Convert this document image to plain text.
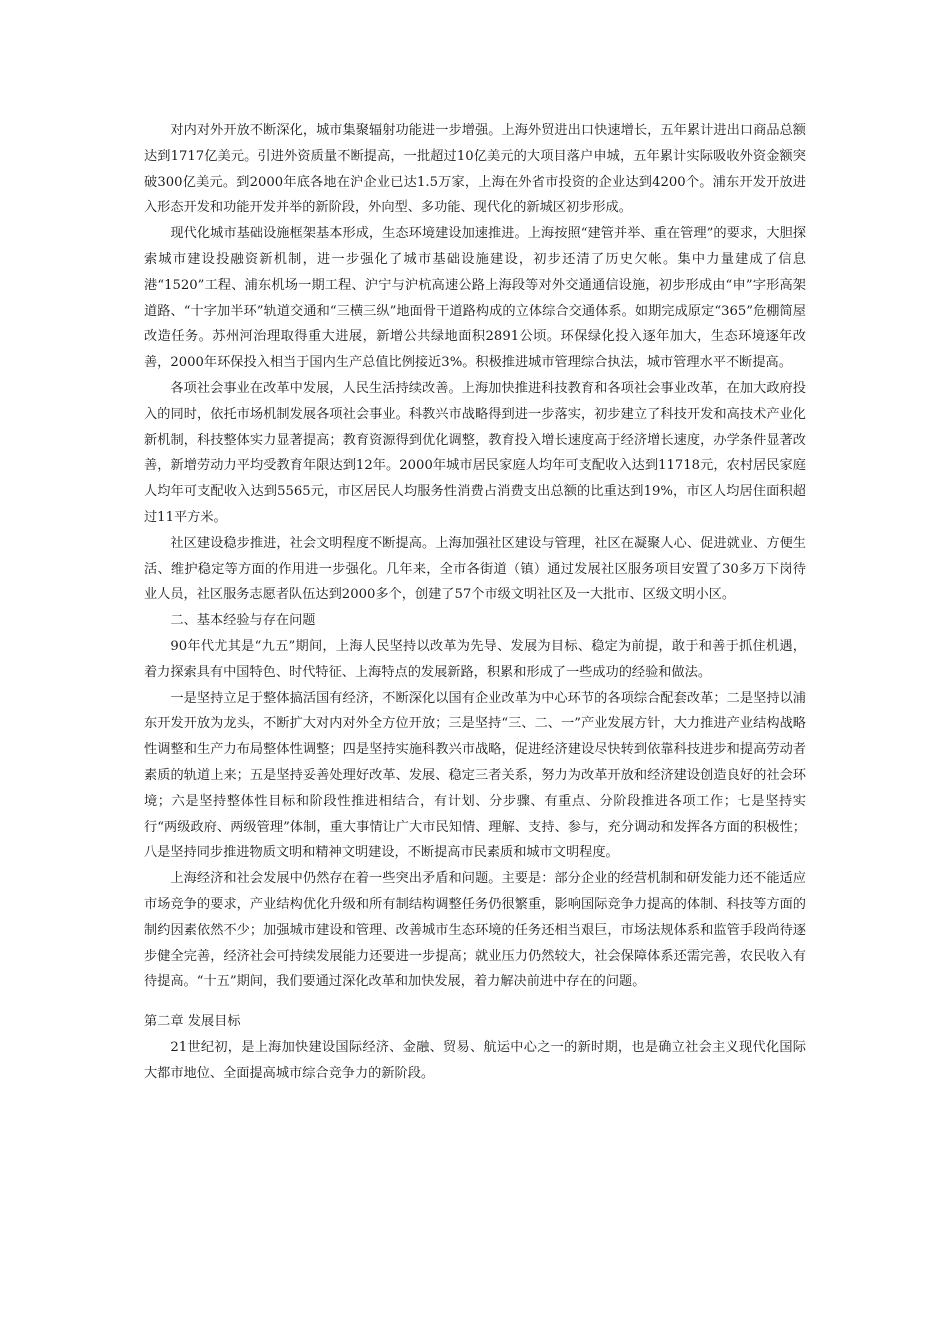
对内对外开放不断深化，城市集聚辐射功能进一步增强。上海外贸进出口快速增长，五年累计进出口商品总额达到1717亿美元。引进外资质量不断提高，一批超过10亿美元的大项目落户申城，五年累计实际吸收外资金额突破300亿美元。到2000年底各地在沪企业已达1.5万家，上海在外省市投资的企业达到4200个。浦东开发开放进入形态开发和功能开发并举的新阶段，外向型、多功能、现代化的新城区初步形成。

现代化城市基础设施框架基本形成，生态环境建设加速推进。上海按照“建管并举、重在管理”的要求，大胆探索城市建设投融资新机制，进一步强化了城市基础设施建设，初步还清了历史欠帐。集中力量建成了信息港“1520”工程、浦东机场一期工程、沪宁与沪杭高速公路上海段等对外交通通信设施，初步形成由“申”字形高架道路、“十字加半环”轨道交通和“三横三纵”地面骨干道路构成的立体综合交通体系。如期完成原定“365”危棚简屋改造任务。苏州河治理取得重大进展，新增公共绿地面积2891公顷。环保绿化投入逐年加大，生态环境逐年改善，2000年环保投入相当于国内生产总值比例接近3%。积极推进城市管理综合执法，城市管理水平不断提高。

各项社会事业在改革中发展，人民生活持续改善。上海加快推进科技教育和各项社会事业改革，在加大政府投入的同时，依托市场机制发展各项社会事业。科教兴市战略得到进一步落实，初步建立了科技开发和高技术产业化新机制，科技整体实力显著提高；教育资源得到优化调整，教育投入增长速度高于经济增长速度，办学条件显著改善，新增劳动力平均受教育年限达到12年。2000年城市居民家庭人均年可支配收入达到11718元，农村居民家庭人均年可支配收入达到5565元，市区居民人均服务性消费占消费支出总额的比重达到19%，市区人均居住面积超过11平方米。

社区建设稳步推进，社会文明程度不断提高。上海加强社区建设与管理，社区在凝聚人心、促进就业、方便生活、维护稳定等方面的作用进一步强化。几年来，全市各街道（镇）通过发展社区服务项目安置了30多万下岗待业人员，社区服务志愿者队伍达到2000多个，创建了57个市级文明社区及一大批市、区级文明小区。

二、基本经验与存在问题

90年代尤其是“九五”期间，上海人民坚持以改革为先导、发展为目标、稳定为前提，敢于和善于抓住机遇，着力探索具有中国特色、时代特征、上海特点的发展新路，积累和形成了一些成功的经验和做法。

一是坚持立足于整体搞活国有经济，不断深化以国有企业改革为中心环节的各项综合配套改革；二是坚持以浦东开发开放为龙头，不断扩大对内对外全方位开放；三是坚持“三、二、一”产业发展方针，大力推进产业结构战略性调整和生产力布局整体性调整；四是坚持实施科教兴市战略，促进经济建设尽快转到依靠科技进步和提高劳动者素质的轨道上来；五是坚持妥善处理好改革、发展、稳定三者关系，努力为改革开放和经济建设创造良好的社会环境；六是坚持整体性目标和阶段性推进相结合，有计划、分步骤、有重点、分阶段推进各项工作；七是坚持实行“两级政府、两级管理”体制，重大事情让广大市民知情、理解、支持、参与，充分调动和发挥各方面的积极性；八是坚持同步推进物质文明和精神文明建设，不断提高市民素质和城市文明程度。

上海经济和社会发展中仍然存在着一些突出矛盾和问题。主要是：部分企业的经营机制和研发能力还不能适应市场竞争的要求，产业结构优化升级和所有制结构调整任务仍很繁重，影响国际竞争力提高的体制、科技等方面的制约因素依然不少；加强城市建设和管理、改善城市生态环境的任务还相当艰巨，市场法规体系和监管手段尚待逐步健全完善，经济社会可持续发展能力还要进一步提高；就业压力仍然较大，社会保障体系还需完善，农民收入有待提高。“十五”期间，我们要通过深化改革和加快发展，着力解决前进中存在的问题。

第二章 发展目标

21世纪初，是上海加快建设国际经济、金融、贸易、航运中心之一的新时期，也是确立社会主义现代化国际大都市地位、全面提高城市综合竞争力的新阶段。
